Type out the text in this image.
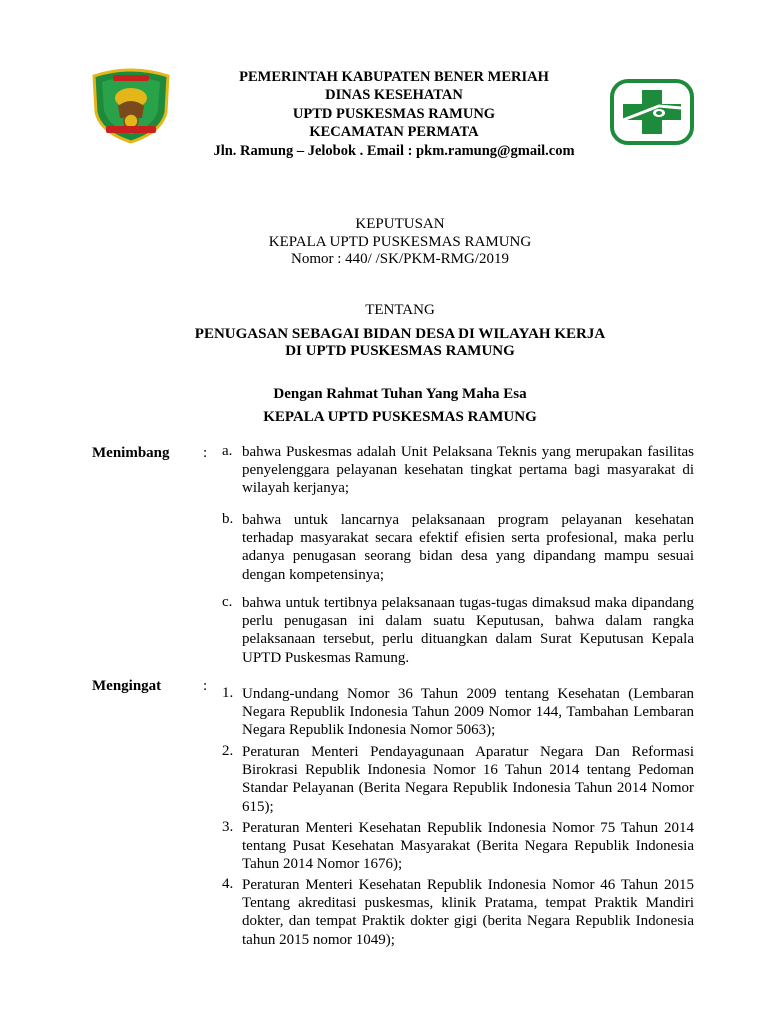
PEMERINTAH KABUPATEN BENER MERIAH
DINAS KESEHATAN
UPTD PUSKESMAS RAMUNG
KECAMATAN PERMATA
Jln. Ramung – Jelobok . Email : pkm.ramung@gmail.com
KEPUTUSAN
KEPALA UPTD PUSKESMAS RAMUNG
Nomor : 440/ /SK/PKM-RMG/2019
TENTANG
PENUGASAN SEBAGAI BIDAN DESA DI WILAYAH KERJA
DI UPTD PUSKESMAS RAMUNG
Dengan Rahmat Tuhan Yang Maha Esa
KEPALA UPTD PUSKESMAS RAMUNG
Menimbang : a. bahwa Puskesmas adalah Unit Pelaksana Teknis yang merupakan fasilitas penyelenggara pelayanan kesehatan tingkat pertama bagi masyarakat di wilayah kerjanya;
b. bahwa untuk lancarnya pelaksanaan program pelayanan kesehatan terhadap masyarakat secara efektif efisien serta profesional, maka perlu adanya penugasan seorang bidan desa yang dipandang mampu sesuai dengan kompetensinya;
c. bahwa untuk tertibnya pelaksanaan tugas-tugas dimaksud maka dipandang perlu penugasan ini dalam suatu Keputusan, bahwa dalam rangka pelaksanaan tersebut, perlu dituangkan dalam Surat Keputusan Kepala UPTD Puskesmas Ramung.
Mengingat	: 1. Undang-undang Nomor 36 Tahun 2009 tentang Kesehatan (Lembaran Negara Republik Indonesia Tahun 2009 Nomor 144, Tambahan Lembaran Negara Republik Indonesia Nomor 5063);
2. Peraturan Menteri Pendayagunaan Aparatur Negara Dan Reformasi Birokrasi Republik Indonesia Nomor 16 Tahun 2014 tentang Pedoman Standar Pelayanan (Berita Negara Republik Indonesia Tahun 2014 Nomor 615);
3. Peraturan Menteri Kesehatan Republik Indonesia Nomor 75 Tahun 2014 tentang Pusat Kesehatan Masyarakat (Berita Negara Republik Indonesia Tahun 2014 Nomor 1676);
4. Peraturan Menteri Kesehatan Republik Indonesia Nomor 46 Tahun 2015 Tentang akreditasi puskesmas, klinik Pratama, tempat Praktik Mandiri dokter, dan tempat Praktik dokter gigi (berita Negara Republik Indonesia tahun 2015 nomor 1049);
